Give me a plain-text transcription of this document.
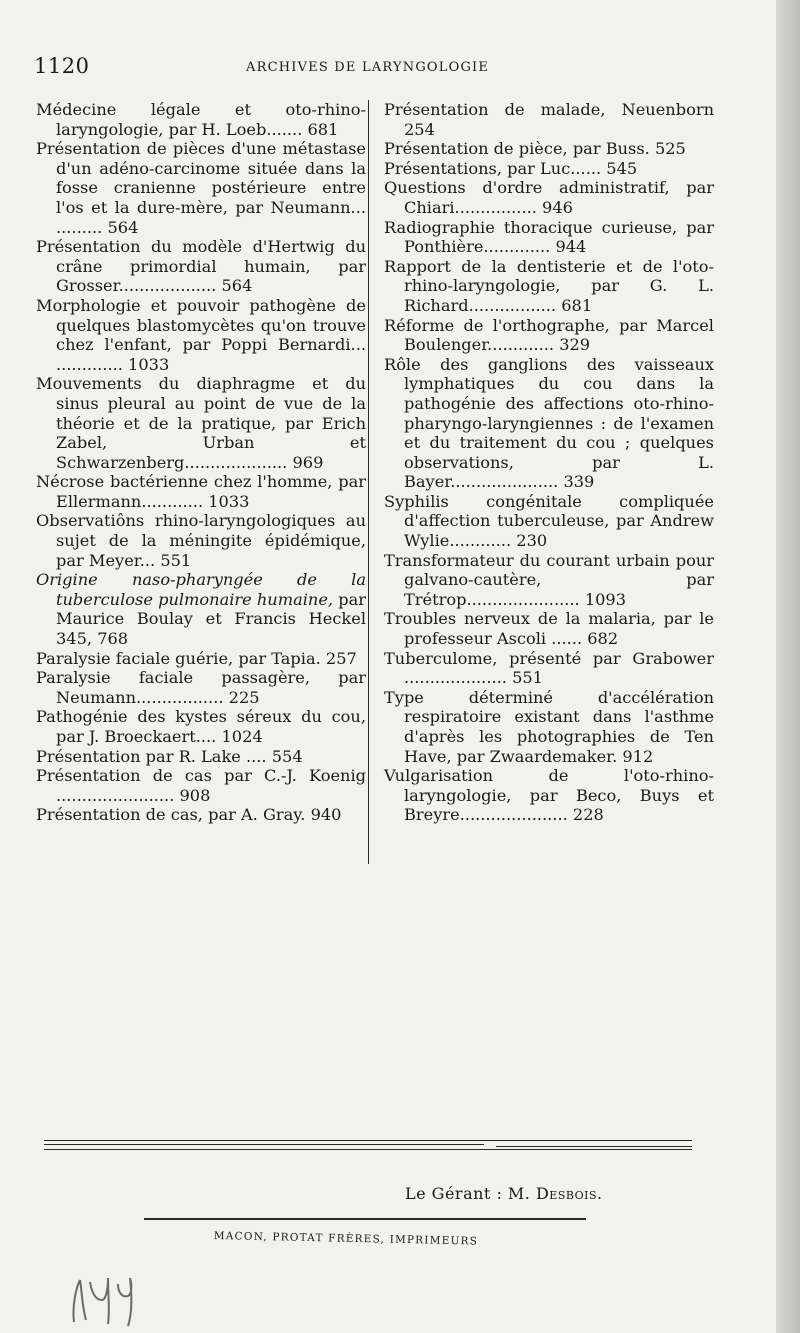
1120	ARCHIVES DE LARYNGOLOGIE

Médecine légale et oto-rhino-laryngologie, par H. Loeb....... 681

Présentation de pièces d'une métastase d'un adéno-carcinome située dans la fosse cranienne postérieure entre l'os et la dure-mère, par Neumann... ......... 564

Présentation du modèle d'Hertwig du crâne primordial humain, par Grosser................... 564

Morphologie et pouvoir pathogène de quelques blastomycètes qu'on trouve chez l'enfant, par Poppi Bernardi... ............. 1033

Mouvements du diaphragme et du sinus pleural au point de vue de la théorie et de la pratique, par Erich Zabel, Urban et Schwarzenberg.................... 969

Nécrose bactérienne chez l'homme, par Ellermann............ 1033

Observatiôns rhino-laryngologiques au sujet de la méningite épidémique, par Meyer... 551

Origine naso-pharyngée de la tuberculose pulmonaire humaine, par Maurice Boulay et Francis Heckel 345, 768

Paralysie faciale guérie, par Tapia. 257

Paralysie faciale passagère, par Neumann................. 225

Pathogénie des kystes séreux du cou, par J. Broeckaert.... 1024

Présentation par R. Lake .... 554

Présentation de cas par C.-J. Koenig ....................... 908

Présentation de cas, par A. Gray. 940

Présentation de malade, Neuenborn 254

Présentation de pièce, par Buss. 525

Présentations, par Luc...... 545

Questions d'ordre administratif, par Chiari................ 946

Radiographie thoracique curieuse, par Ponthière............. 944

Rapport de la dentisterie et de l'oto-rhino-laryngologie, par G. L. Richard................. 681

Réforme de l'orthographe, par Marcel Boulenger............. 329

Rôle des ganglions des vaisseaux lymphatiques du cou dans la pathogénie des affections oto-rhino-pharyngo-laryngiennes : de l'examen et du traitement du cou ; quelques observations, par L. Bayer..................... 339

Syphilis congénitale compliquée d'affection tuberculeuse, par Andrew Wylie............ 230

Transformateur du courant urbain pour galvano-cautère, par Trétrop...................... 1093

Troubles nerveux de la malaria, par le professeur Ascoli ...... 682

Tuberculome, présenté par Grabower .................... 551

Type déterminé d'accélération respiratoire existant dans l'asthme d'après les photographies de Ten Have, par Zwaardemaker. 912

Vulgarisation de l'oto-rhino-laryngologie, par Beco, Buys et Breyre..................... 228

Le Gérant : M. Desbois.
MACON, PROTAT FRÈRES, IMPRIMEURS
